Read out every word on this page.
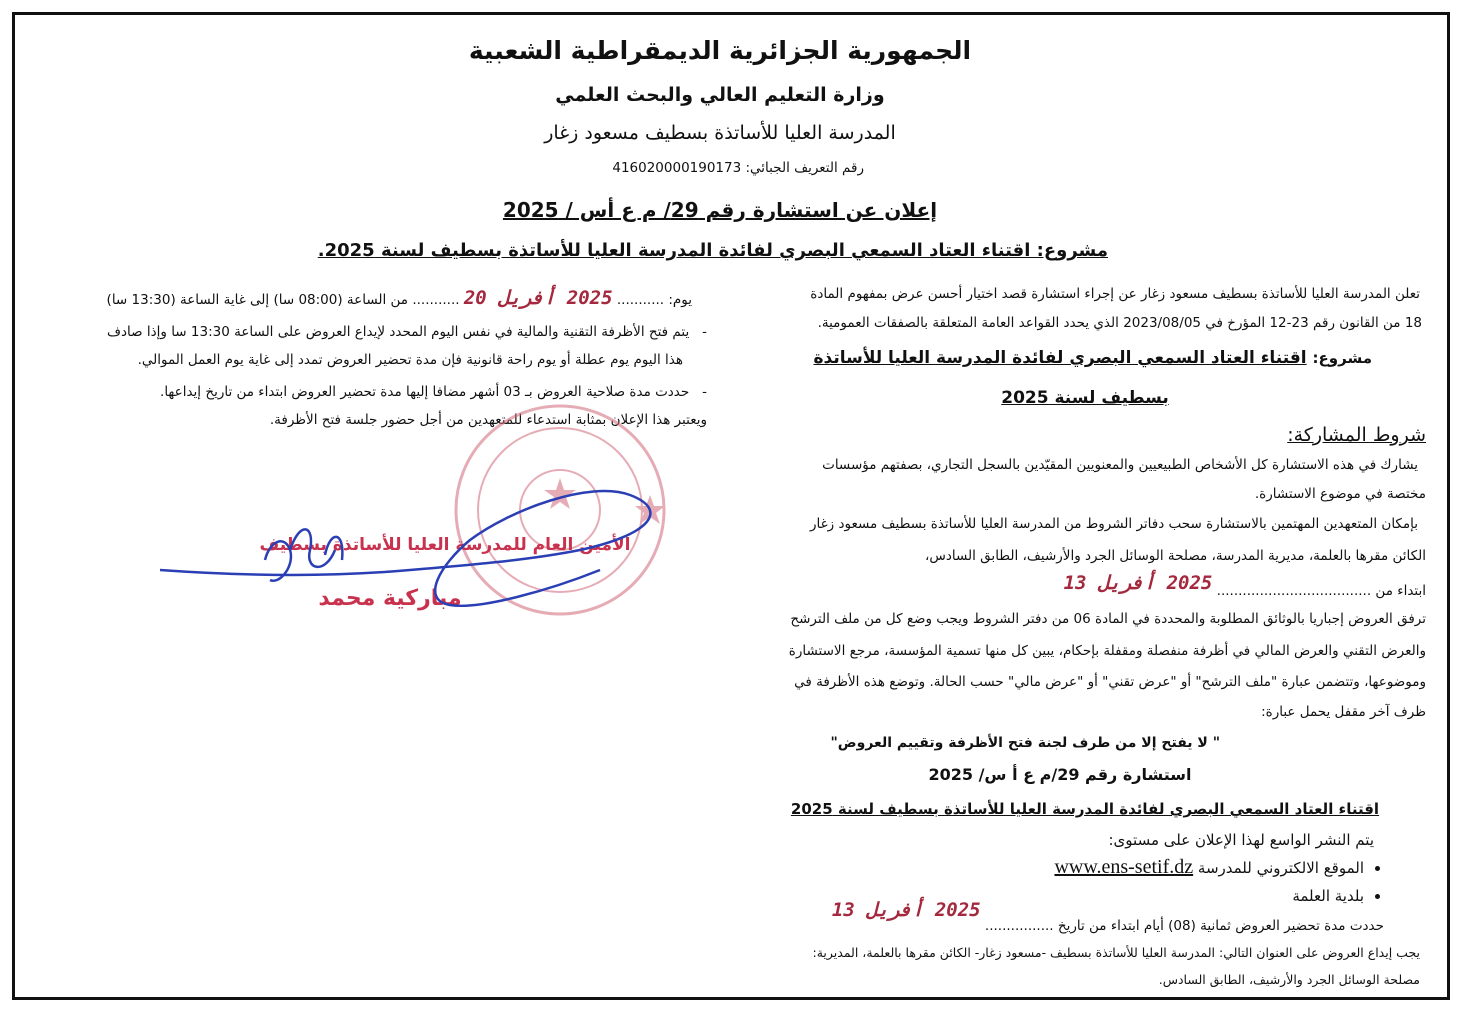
الجمهورية الجزائرية الديمقراطية الشعبية
وزارة التعليم العالي والبحث العلمي
المدرسة العليا للأساتذة بسطيف مسعود زغار
رقم التعريف الجبائي: 416020000190173
إعلان عن استشارة رقم 29/ م ع أس / 2025
مشروع: اقتناء العتاد السمعي البصري لفائدة المدرسة العليا للأساتذة بسطيف لسنة 2025.
يوم: ........... 2025 أفريل 20 ........... من الساعة (08:00 سا) إلى غاية الساعة (13:30 سا)
-   يتم فتح الأظرفة التقنية والمالية في نفس اليوم المحدد لإيداع العروض على الساعة 13:30 سا وإذا صادف
هذا اليوم يوم عطلة أو يوم راحة قانونية فإن مدة تحضير العروض تمدد إلى غاية يوم العمل الموالي.
-   حددت مدة صلاحية العروض بـ 03 أشهر مضافا إليها مدة تحضير العروض ابتداء من تاريخ إيداعها.
ويعتبر هذا الإعلان بمثابة استدعاء للمتعهدين من أجل حضور جلسة فتح الأظرفة.
الأمين العام للمدرسة العليا للأساتذة بسطيف
مباركية محمد
تعلن المدرسة العليا للأساتذة بسطيف مسعود زغار عن إجراء استشارة قصد اختيار أحسن عرض بمفهوم المادة
18 من القانون رقم 23-12 المؤرخ في 2023/08/05 الذي يحدد القواعد العامة المتعلقة بالصفقات العمومية.
مشروع: اقتناء العتاد السمعي البصري لفائدة المدرسة العليا للأساتذة
بسطيف لسنة 2025
شروط المشاركة:
يشارك في هذه الاستشارة كل الأشخاص الطبيعيين والمعنويين المقيّدين بالسجل التجاري، بصفتهم مؤسسات
مختصة في موضوع الاستشارة.
بإمكان المتعهدين المهتمين بالاستشارة سحب دفاتر الشروط من المدرسة العليا للأساتذة بسطيف مسعود زغار
الكائن مقرها بالعلمة، مديرية المدرسة، مصلحة الوسائل الجرد والأرشيف، الطابق السادس،
ابتداء من .................................... 2025 أفريل 13
ترفق العروض إجباريا بالوثائق المطلوبة والمحددة في المادة 06 من دفتر الشروط ويجب وضع كل من ملف الترشح
والعرض التقني والعرض المالي في أظرفة منفصلة ومقفلة بإحكام، يبين كل منها تسمية المؤسسة، مرجع الاستشارة
وموضوعها، وتتضمن عبارة "ملف الترشح" أو "عرض تقني" أو "عرض مالي" حسب الحالة. وتوضع هذه الأظرفة في
ظرف آخر مقفل يحمل عبارة:
" لا يفتح إلا من طرف لجنة فتح الأظرفة وتقييم العروض"
استشارة رقم 29/م ع أ س/ 2025
اقتناء العتاد السمعي البصري لفائدة المدرسة العليا للأساتذة بسطيف لسنة 2025
يتم النشر الواسع لهذا الإعلان على مستوى:
• الموقع الالكتروني للمدرسة www.ens-setif.dz
• بلدية العلمة
حددت مدة تحضير العروض ثمانية (08) أيام ابتداء من تاريخ ................ 2025 أفريل 13
يجب إيداع العروض على العنوان التالي: المدرسة العليا للأساتذة بسطيف -مسعود زغار- الكائن مقرها بالعلمة، المديرية:
مصلحة الوسائل الجرد والأرشيف، الطابق السادس.
